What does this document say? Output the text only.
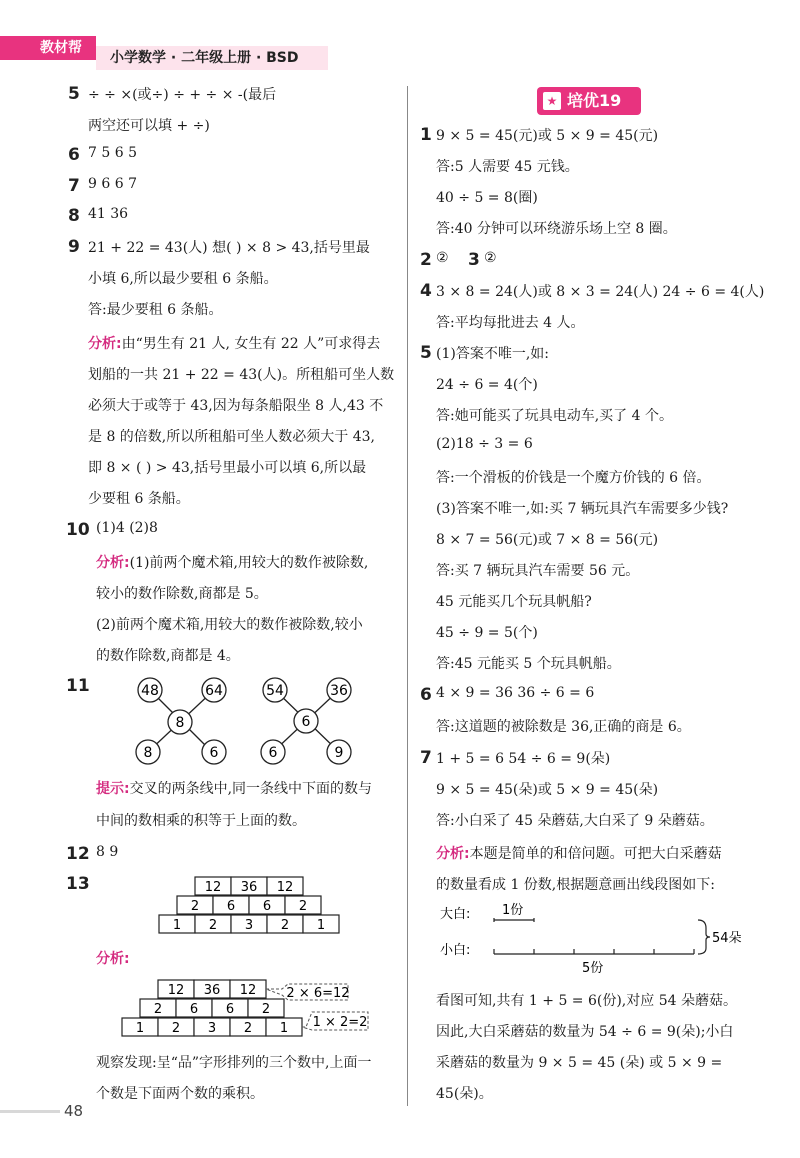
教材帮
小学数学 · 二年级上册 · BSD
5 ÷ ÷ ×(或÷) ÷ + ÷ × -(最后
两空还可以填 + ÷)
6 7 5 6 5
7 9 6 6 7
8 41 36
9 21 + 22 = 43(人) 想( ) × 8 > 43,括号里最
小填 6,所以最少要租 6 条船。
答:最少要租 6 条船。
分析:由“男生有 21 人, 女生有 22 人”可求得去
划船的一共 21 + 22 = 43(人)。所租船可坐人数
必须大于或等于 43,因为每条船限坐 8 人,43 不
是 8 的倍数,所以所租船可坐人数必须大于 43,
即 8 × ( ) > 43,括号里最小可以填 6,所以最
少要租 6 条船。
10 (1)4 (2)8
分析:(1)前两个魔术箱,用较大的数作被除数,
较小的数作除数,商都是 5。
(2)前两个魔术箱,用较大的数作被除数,较小
的数作除数,商都是 4。
11	48	64
8
8	6
54	36
6
6	9
提示:交叉的两条线中,同一条线中下面的数与
中间的数相乘的积等于上面的数。
12 8 9
13	12 36 12
2 6 6 2
1 2 3 2 1
分析:
12 36 12
2 6 6 2
1 2 3 2 1
2 × 6=12
1 × 2=2
观察发现:呈“品”字形排列的三个数中,上面一
个数是下面两个数的乘积。
48
★ 培优19
1 9 × 5 = 45(元)或 5 × 9 = 45(元)
答:5 人需要 45 元钱。
40 ÷ 5 = 8(圈)
答:40 分钟可以环绕游乐场上空 8 圈。
2 ② 3 ②
4 3 × 8 = 24(人)或 8 × 3 = 24(人) 24 ÷ 6 = 4(人)
答:平均每批进去 4 人。
5 (1)答案不唯一,如:
24 ÷ 6 = 4(个)
答:她可能买了玩具电动车,买了 4 个。
(2)18 ÷ 3 = 6
答:一个滑板的价钱是一个魔方价钱的 6 倍。
(3)答案不唯一,如:买 7 辆玩具汽车需要多少钱?
8 × 7 = 56(元)或 7 × 8 = 56(元)
答:买 7 辆玩具汽车需要 56 元。
45 元能买几个玩具帆船?
45 ÷ 9 = 5(个)
答:45 元能买 5 个玩具帆船。
6 4 × 9 = 36 36 ÷ 6 = 6
答:这道题的被除数是 36,正确的商是 6。
7 1 + 5 = 6 54 ÷ 6 = 9(朵)
9 × 5 = 45(朵)或 5 × 9 = 45(朵)
答:小白采了 45 朵蘑菇,大白采了 9 朵蘑菇。
分析:本题是简单的和倍问题。可把大白采蘑菇
的数量看成 1 份数,根据题意画出线段图如下:
大白: 1份
小白:
54朵
5份
看图可知,共有 1 + 5 = 6(份),对应 54 朵蘑菇。
因此,大白采蘑菇的数量为 54 ÷ 6 = 9(朵);小白
采蘑菇的数量为 9 × 5 = 45 (朵) 或 5 × 9 =
45(朵)。
